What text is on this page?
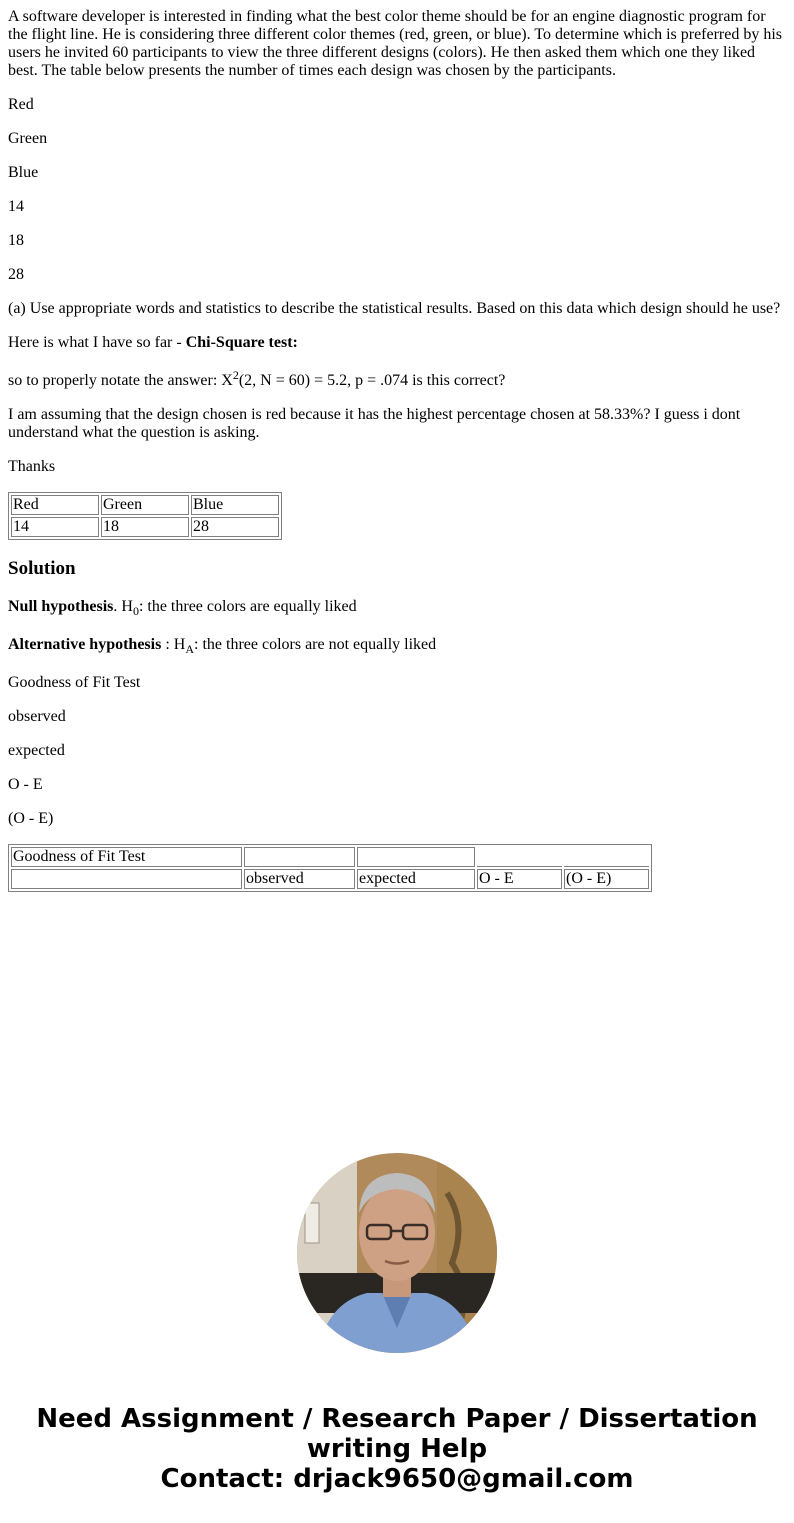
A software developer is interested in finding what the best color theme should be for an engine diagnostic program for the flight line. He is considering three different color themes (red, green, or blue). To determine which is preferred by his users he invited 60 participants to view the three different designs (colors). He then asked them which one they liked best. The table below presents the number of times each design was chosen by the participants.

Red

Green

Blue

14

18

28

(a) Use appropriate words and statistics to describe the statistical results. Based on this data which design should he use?

Here is what I have so far - Chi-Square test:

so to properly notate the answer: $X^2(2$, N = 60) = 5.2, p = .074 is this correct?

I am assuming that the design chosen is red because it has the highest percentage chosen at 58.33%? I guess i dont understand what the question is asking.

Thanks

Red	Green	Blue
14	18	28
Solution

Null hypothesis. $H_0$: the three colors are equally liked

Alternative hypothesis : $H_A$: the three colors are not equally liked

Goodness of Fit Test

observed

expected

O - E

(O - E)

Goodness of Fit Test				
	observed	expected	O - E	(O - E)
Need Assignment / Research Paper / Dissertation
writing Help
Contact: drjack9650@gmail.com
